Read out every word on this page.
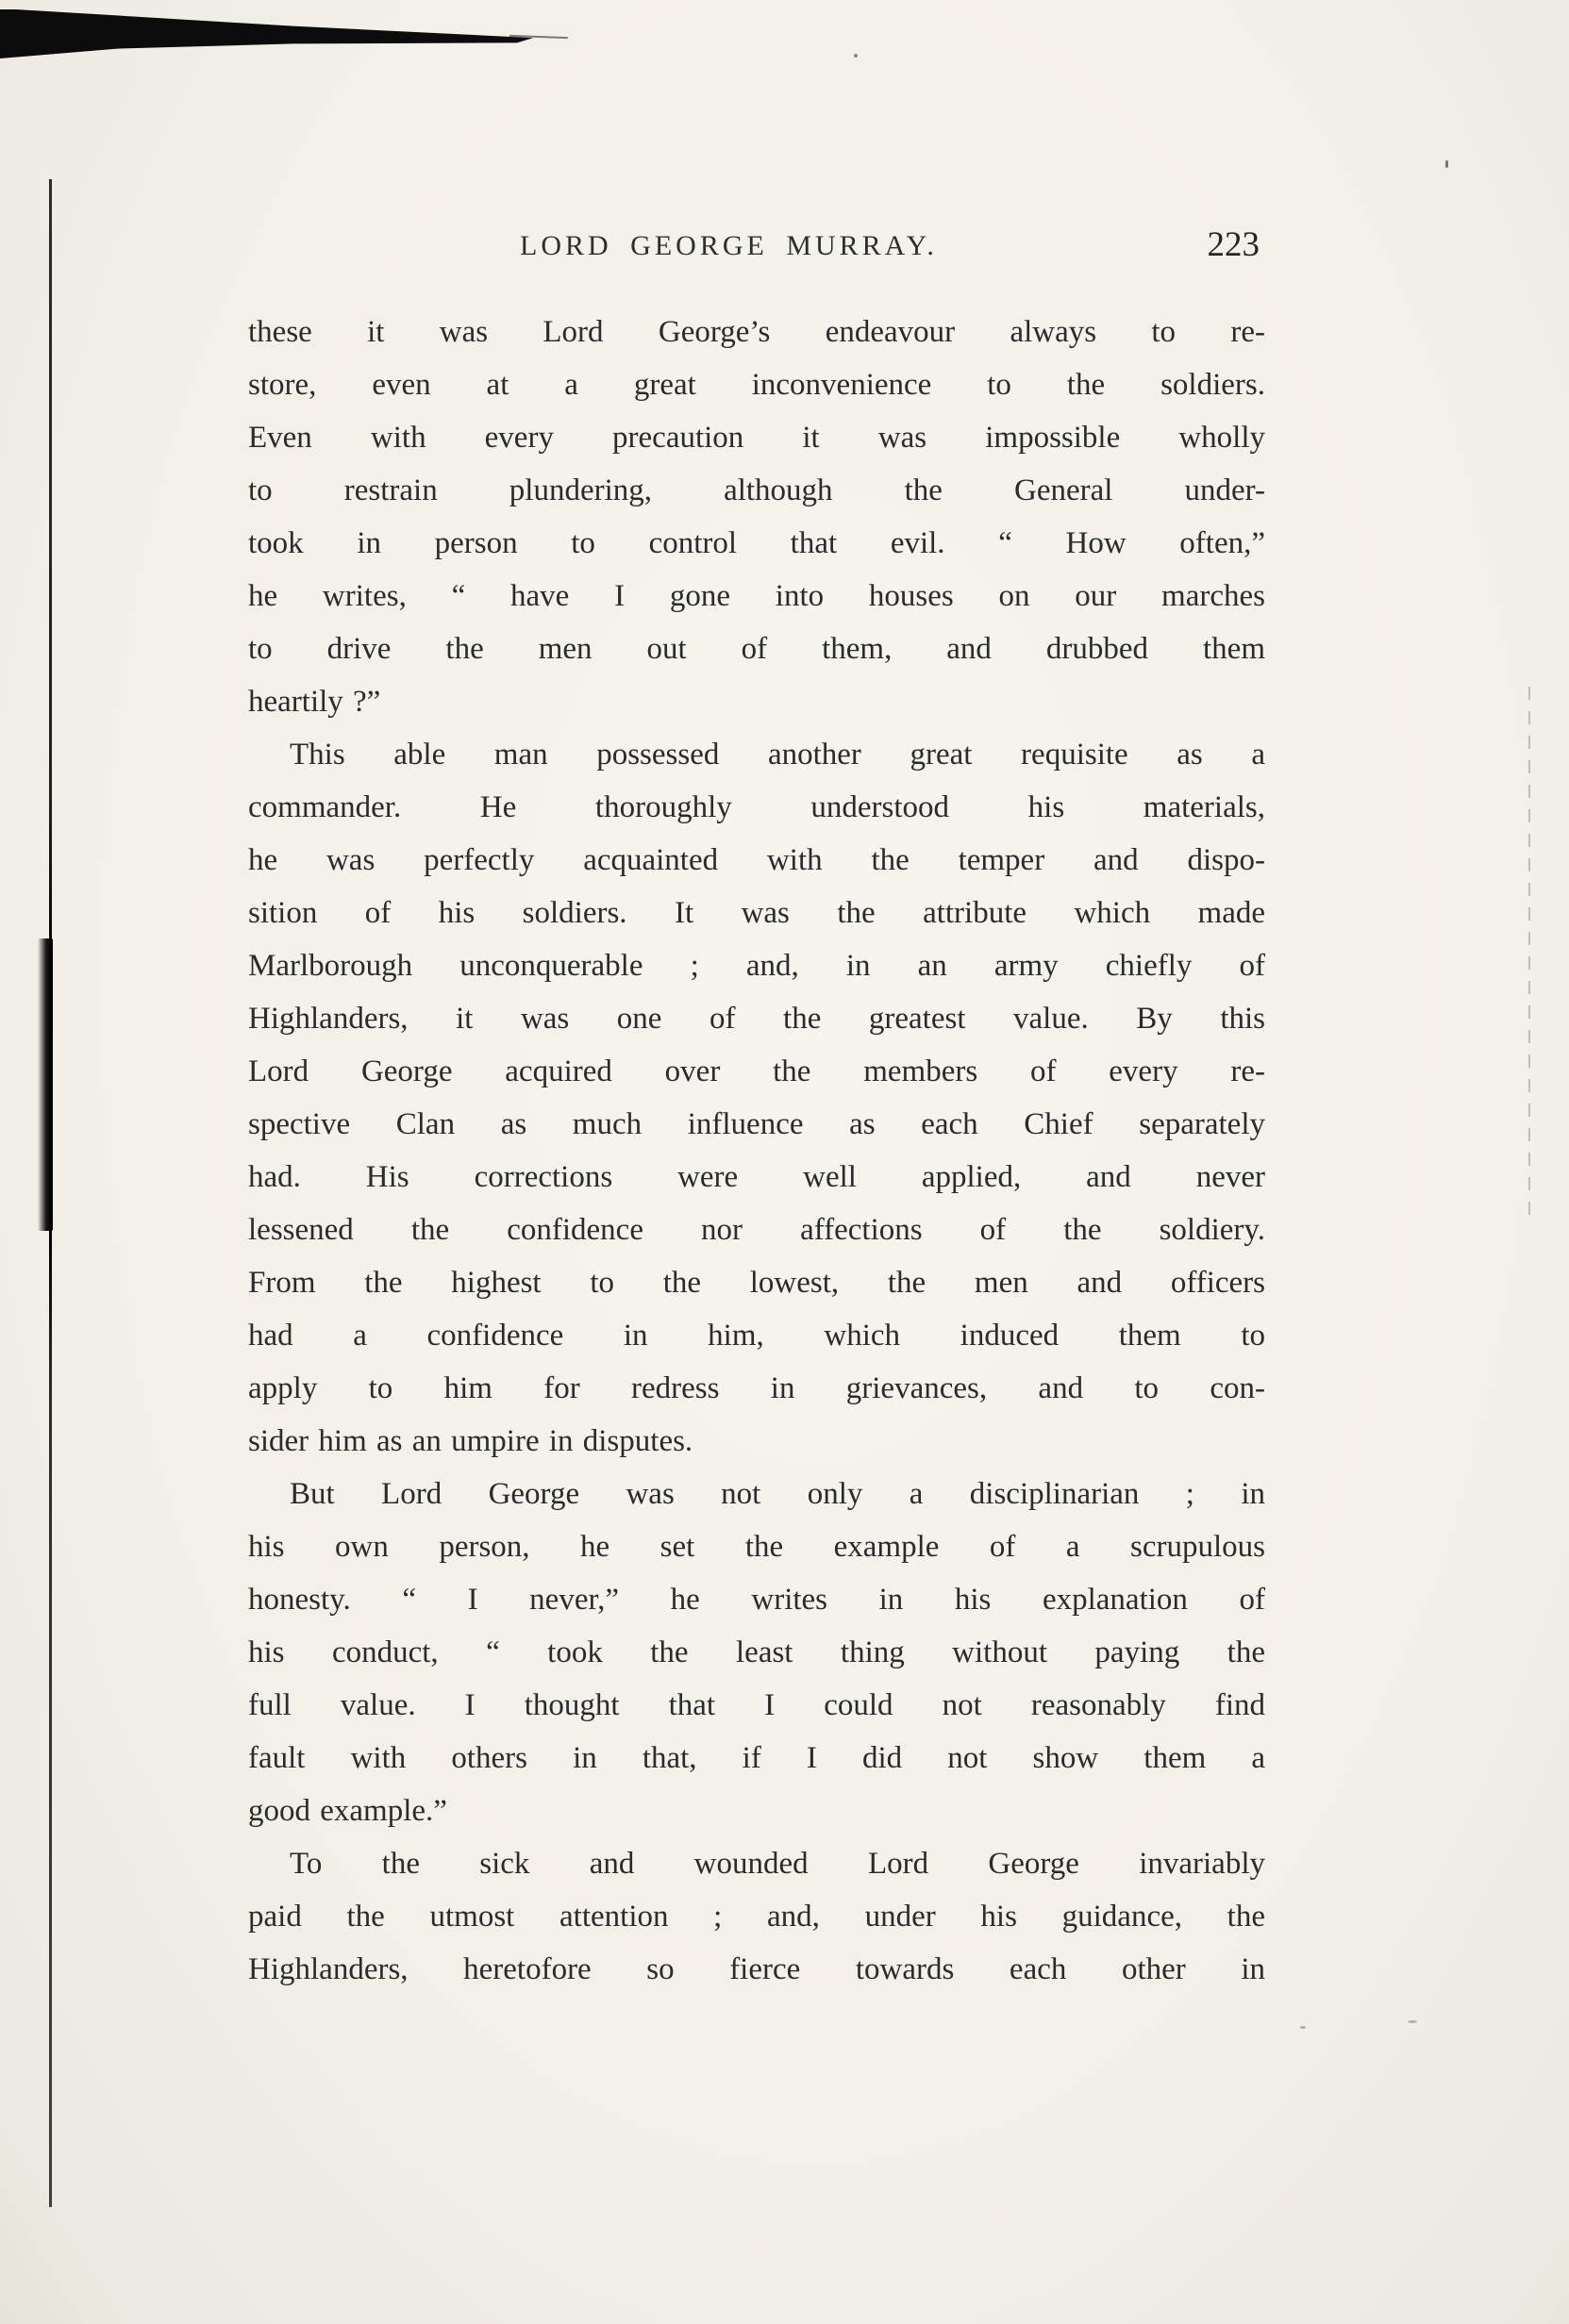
LORD GEORGE MURRAY.	223
these it was Lord George’s endeavour always to re-
store, even at a great inconvenience to the soldiers.
Even with every precaution it was impossible wholly
to restrain plundering, although the General under-
took in person to control that evil. “ How often,”
he writes, “ have I gone into houses on our marches
to drive the men out of them, and drubbed them
heartily ?”
This able man possessed another great requisite as a
commander. He thoroughly understood his materials,
he was perfectly acquainted with the temper and dispo-
sition of his soldiers. It was the attribute which made
Marlborough unconquerable ; and, in an army chiefly of
Highlanders, it was one of the greatest value. By this
Lord George acquired over the members of every re-
spective Clan as much influence as each Chief separately
had. His corrections were well applied, and never
lessened the confidence nor affections of the soldiery.
From the highest to the lowest, the men and officers
had a confidence in him, which induced them to
apply to him for redress in grievances, and to con-
sider him as an umpire in disputes.
But Lord George was not only a disciplinarian ; in
his own person, he set the example of a scrupulous
honesty. “ I never,” he writes in his explanation of
his conduct, “ took the least thing without paying the
full value. I thought that I could not reasonably find
fault with others in that, if I did not show them a
good example.”
To the sick and wounded Lord George invariably
paid the utmost attention ; and, under his guidance, the
Highlanders, heretofore so fierce towards each other in
